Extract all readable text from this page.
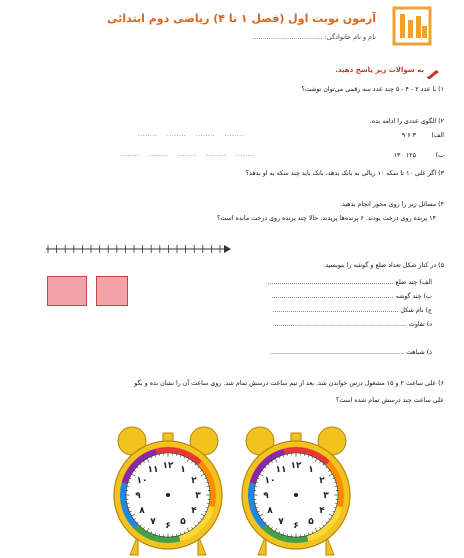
آزمون نوبت اول (فصل ۱ تا ۴) ریاضی دوم ابتدائی
نام و نام خانوادگی: ..................................
به سوالات زیر پاسخ دهید.
۱) با عدد ۲ - ۴ - ۵ چند عدد سه رقمی می‌توان نوشت؟
۲) الگوی عددی را ادامه بده.
الف)
۳ ۶ ۹
........    ........    ........    ........
ب)
۱۲۵ ۱۳۰
........    ........    ........    ........    ........
۳) اگر علی ۱۰ تا سکه ۱۰ ریالی به بانک بدهد، بانک باید چند سکه به او بدهد؟
۴) مسائل زیر را روی محور انجام بدهید.
۱۴ پرنده روی درخت بودند. ۶ پرنده‌ها پریدند، حالا چند پرنده روی درخت مانده است؟
۵) در کنار شکل تعداد ضلع و گوشه را بنویسید.
الف) چند ضلع ...............................................................
ب) چند گوشه .............................................................
ج) نام شکل ...............................................................
د) تفاوت ..................................................................
ذ) شباهت ...................................................................
۶) علی ساعت ۲ و ۱۵ مشغول درس خواندن شد. بعد از نیم ساعت درسش تمام شد. روی ساعت آن را نشان بده و بگو
علی ساعت چند درسش تمام شده است؟
۱۲ ۱
۲
۳
۴
۵
۶
۷
۸
۹
۱۰
۱۱	۱۲ ۱
۲
۳
۴
۵
۶
۷
۸
۹
۱۰
۱۱
